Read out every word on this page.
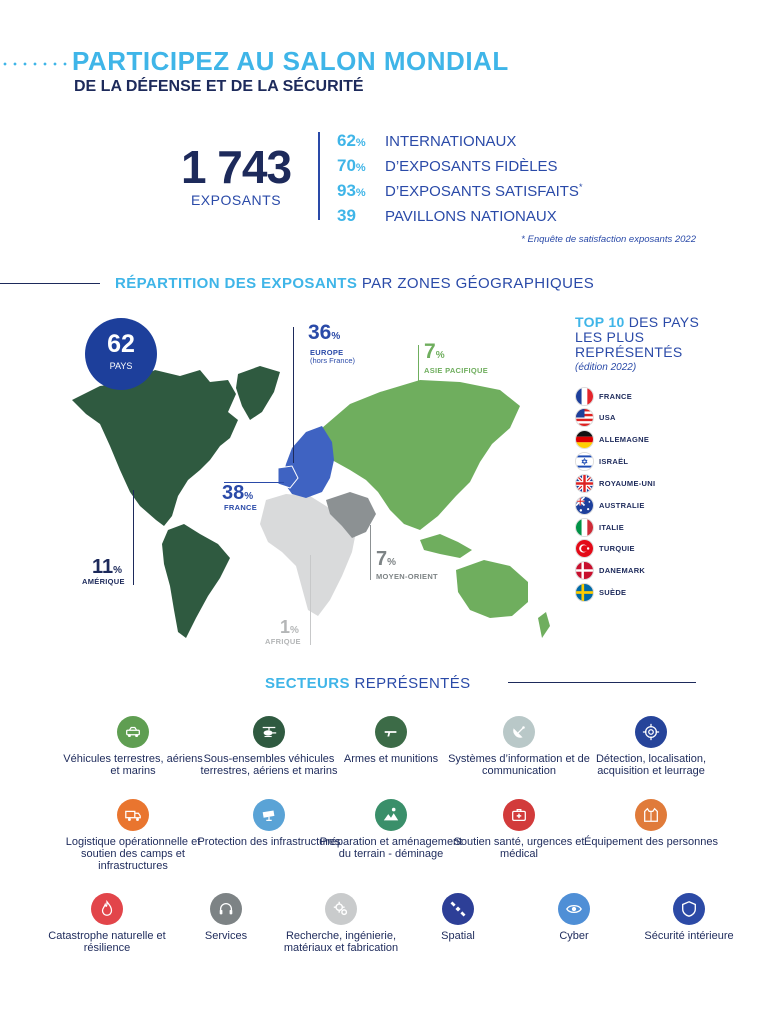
PARTICIPEZ AU SALON MONDIAL
DE LA DÉFENSE ET DE LA SÉCURITÉ
1 743
EXPOSANTS
62%	INTERNATIONAUX
70%	D’EXPOSANTS FIDÈLES
93%	D’EXPOSANTS SATISFAITS*
39	PAVILLONS NATIONAUX
* Enquête de satisfaction exposants 2022
RÉPARTITION DES EXPOSANTS PAR ZONES GÉOGRAPHIQUES
62
PAYS
36%
EUROPE
(hors France)	7%
ASIE PACIFIQUE
38%
FRANCE
11%
AMÉRIQUE
7%
MOYEN-ORIENT
1%
AFRIQUE
TOP 10 DES PAYS LES PLUS REPRÉSENTÉS
(édition 2022)
FRANCE
USA
ALLEMAGNE
ISRAËL
ROYAUME-UNI
AUSTRALIE
ITALIE
TURQUIE
DANEMARK
SUÈDE
SECTEURS REPRÉSENTÉS
Véhicules terrestres, aériens et marins
Sous-ensembles véhicules terrestres, aériens et marins
Armes et munitions Systèmes d’information et de communication
Détection, localisation, acquisition et leurrage
Logistique opérationnelle et soutien des camps et infrastructures
Protection des infrastructures
Préparation et aménagement du terrain - déminage
Soutien santé, urgences et médical
Équipement des personnes
Catastrophe naturelle et résilience
Services	Recherche, ingénierie, matériaux et fabrication
Spatial	Cyber	Sécurité intérieure
